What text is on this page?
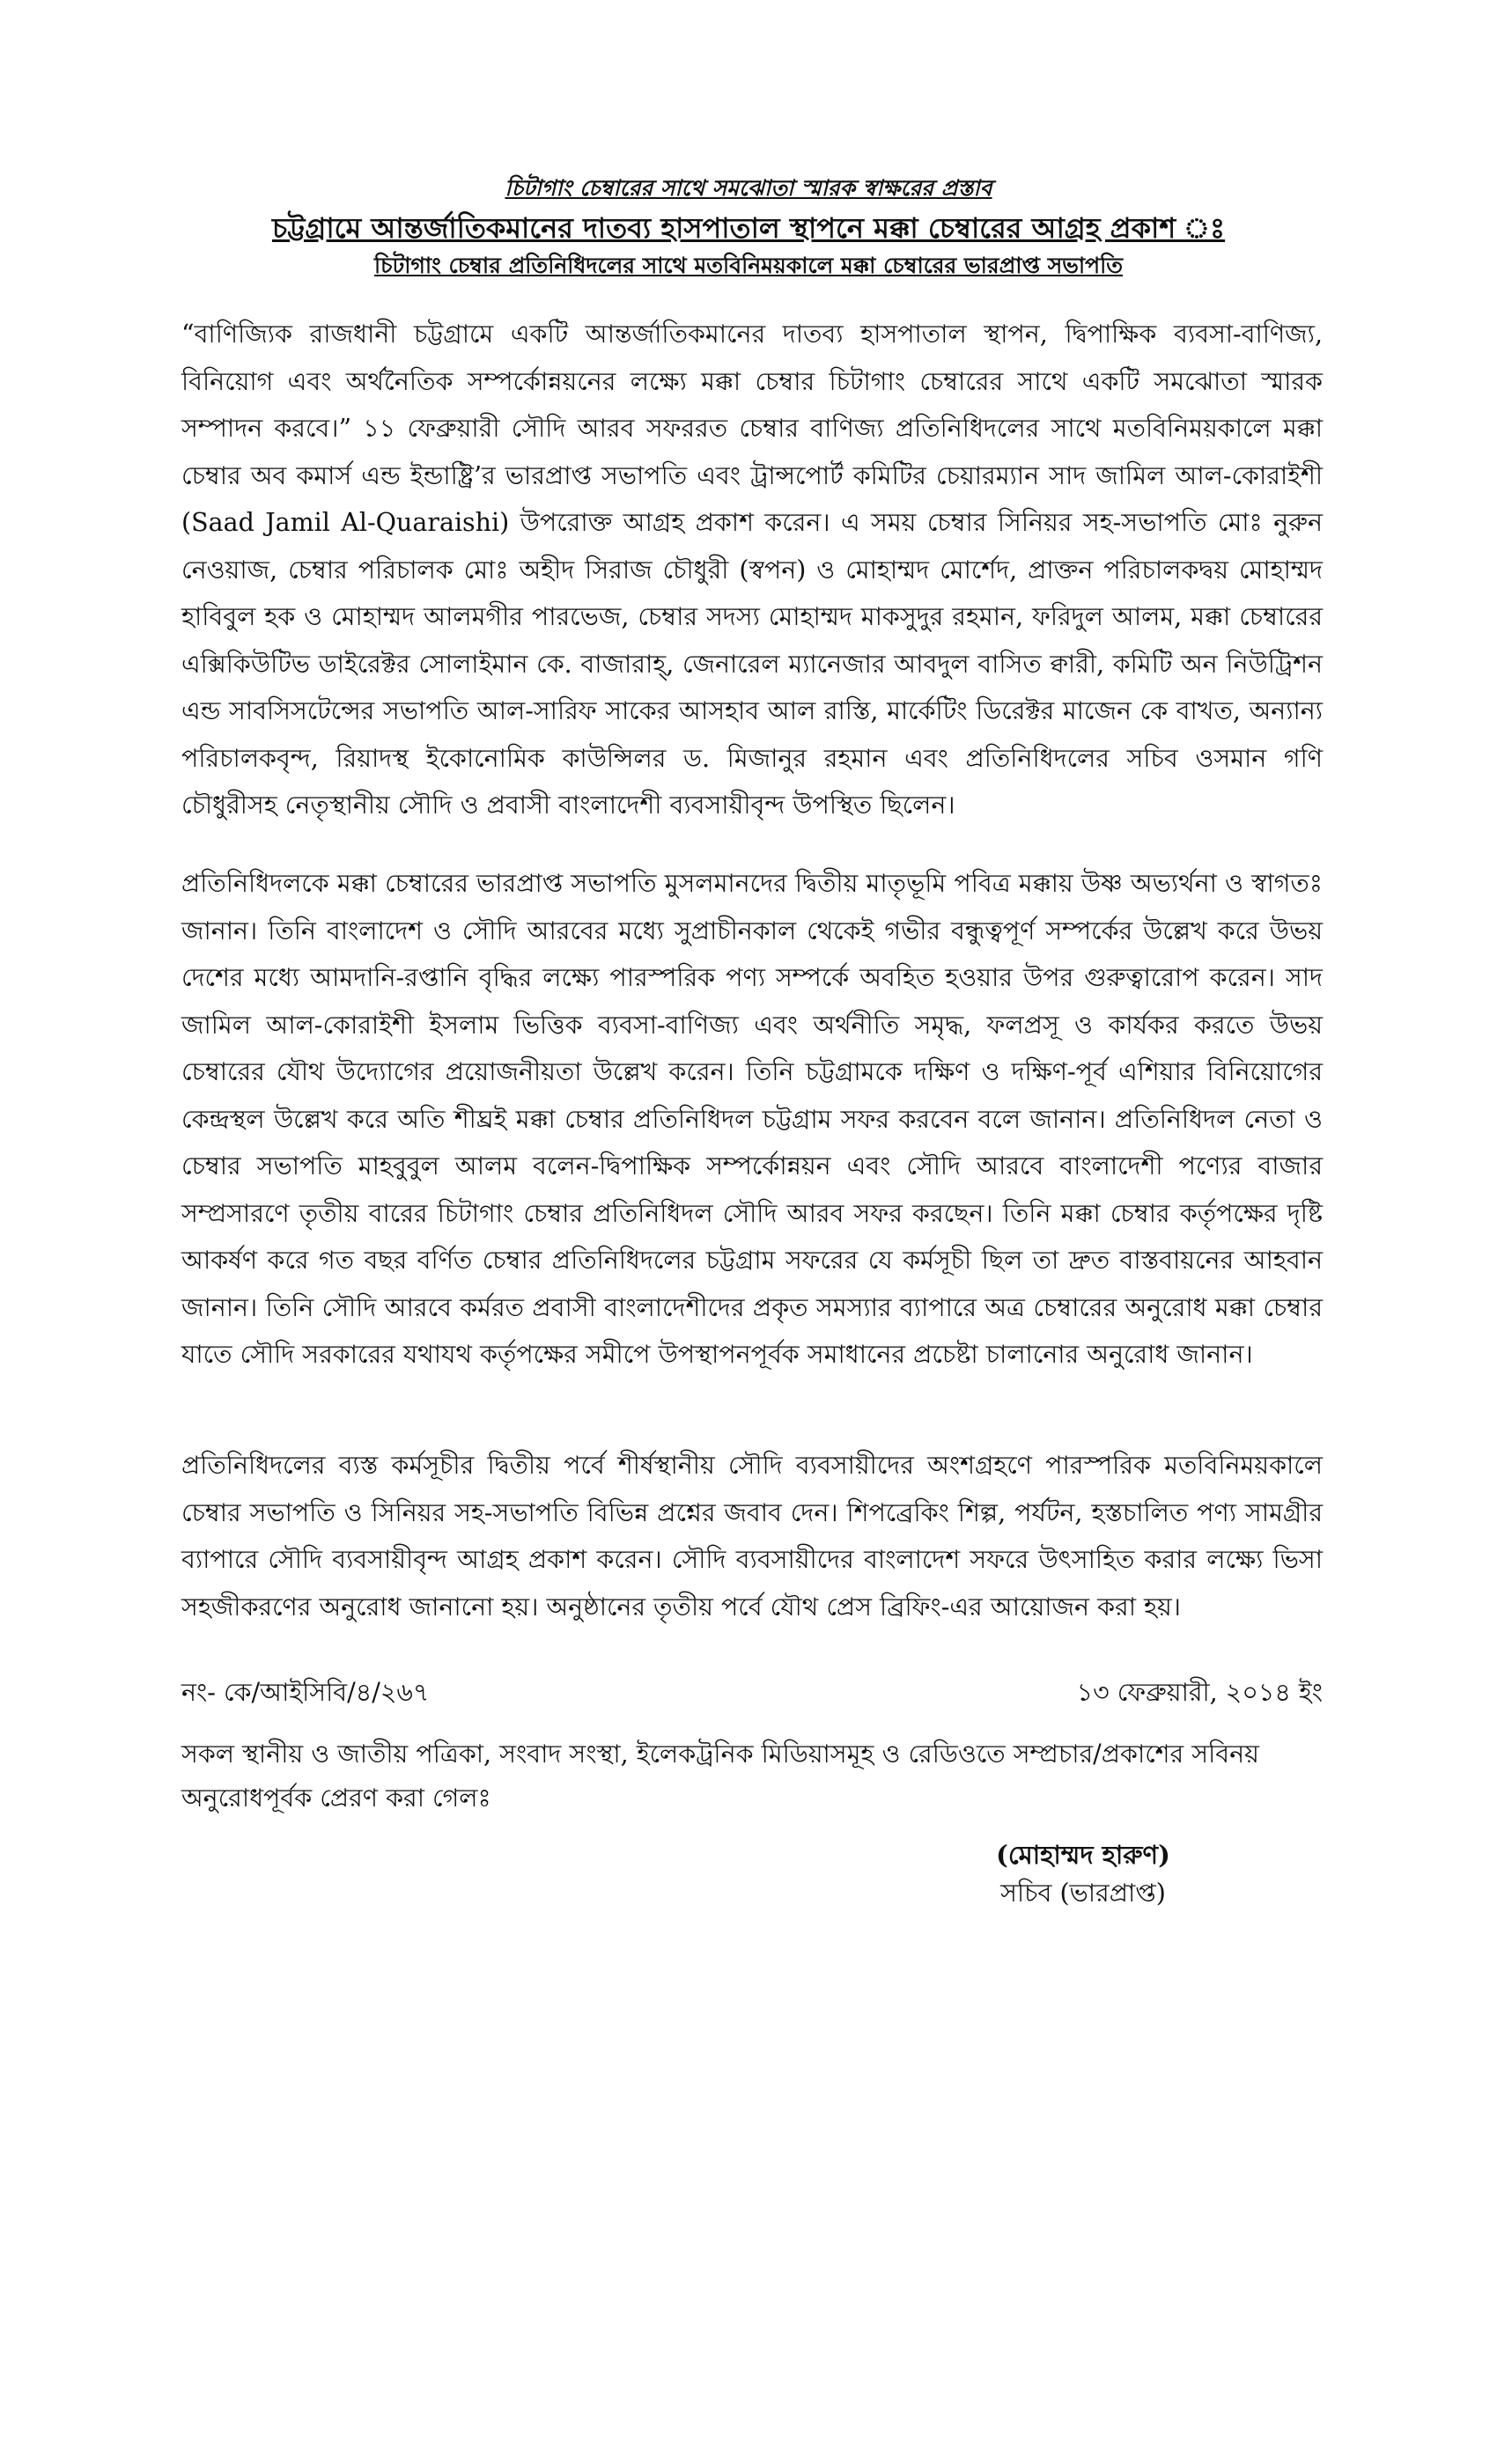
চিটাগাং চেম্বারের সাথে সমঝোতা স্মারক স্বাক্ষরের প্রস্তাব
চট্টগ্রামে আন্তর্জাতিকমানের দাতব্য হাসপাতাল স্থাপনে মক্কা চেম্বারের আগ্রহ প্রকাশ ঃ
চিটাগাং চেম্বার প্রতিনিধিদলের সাথে মতবিনিময়কালে মক্কা চেম্বারের ভারপ্রাপ্ত সভাপতি

“বাণিজ্যিক রাজধানী চট্টগ্রামে একটি আন্তর্জাতিকমানের দাতব্য হাসপাতাল স্থাপন, দ্বিপাক্ষিক ব্যবসা-বাণিজ্য, বিনিয়োগ এবং অর্থনৈতিক সম্পর্কোন্নয়নের লক্ষ্যে মক্কা চেম্বার চিটাগাং চেম্বারের সাথে একটি সমঝোতা স্মারক সম্পাদন করবে।” ১১ ফেব্রুয়ারী সৌদি আরব সফররত চেম্বার বাণিজ্য প্রতিনিধিদলের সাথে মতবিনিময়কালে মক্কা চেম্বার অব কমার্স এন্ড ইন্ডাষ্ট্রি’র ভারপ্রাপ্ত সভাপতি এবং ট্রান্সপোর্ট কমিটির চেয়ারম্যান সাদ জামিল আল-কোরাইশী (Saad Jamil Al-Quaraishi) উপরোক্ত আগ্রহ প্রকাশ করেন। এ সময় চেম্বার সিনিয়র সহ-সভাপতি মোঃ নুরুন নেওয়াজ, চেম্বার পরিচালক মোঃ অহীদ সিরাজ চৌধুরী (স্বপন) ও মোহাম্মদ মোর্শেদ, প্রাক্তন পরিচালকদ্বয় মোহাম্মদ হাবিবুল হক ও মোহাম্মদ আলমগীর পারভেজ, চেম্বার সদস্য মোহাম্মদ মাকসুদুর রহমান, ফরিদুল আলম, মক্কা চেম্বারের এক্সিকিউটিভ ডাইরেক্টর সোলাইমান কে. বাজারাহ্‌, জেনারেল ম্যানেজার আবদুল বাসিত ক্বারী, কমিটি অন নিউট্রিশন এন্ড সাবসিসটেন্সের সভাপতি আল-সারিফ সাকের আসহাব আল রাস্তি, মার্কেটিং ডিরেক্টর মাজেন কে বাখত, অন্যান্য পরিচালকবৃন্দ, রিয়াদস্থ ইকোনোমিক কাউন্সিলর ড. মিজানুর রহমান এবং প্রতিনিধিদলের সচিব ওসমান গণি চৌধুরীসহ নেতৃস্থানীয় সৌদি ও প্রবাসী বাংলাদেশী ব্যবসায়ীবৃন্দ উপস্থিত ছিলেন।

প্রতিনিধিদলকে মক্কা চেম্বারের ভারপ্রাপ্ত সভাপতি মুসলমানদের দ্বিতীয় মাতৃভূমি পবিত্র মক্কায় উষ্ণ অভ্যর্থনা ও স্বাগতঃ জানান। তিনি বাংলাদেশ ও সৌদি আরবের মধ্যে সুপ্রাচীনকাল থেকেই গভীর বন্ধুত্বপূর্ণ সম্পর্কের উল্লেখ করে উভয় দেশের মধ্যে আমদানি-রপ্তানি বৃদ্ধির লক্ষ্যে পারস্পরিক পণ্য সম্পর্কে অবহিত হওয়ার উপর গুরুত্বারোপ করেন। সাদ জামিল আল-কোরাইশী ইসলাম ভিত্তিক ব্যবসা-বাণিজ্য এবং অর্থনীতি সমৃদ্ধ, ফলপ্রসূ ও কার্যকর করতে উভয় চেম্বারের যৌথ উদ্যোগের প্রয়োজনীয়তা উল্লেখ করেন। তিনি চট্টগ্রামকে দক্ষিণ ও দক্ষিণ-পূর্ব এশিয়ার বিনিয়োগের কেন্দ্রস্থল উল্লেখ করে অতি শীঘ্রই মক্কা চেম্বার প্রতিনিধিদল চট্টগ্রাম সফর করবেন বলে জানান। প্রতিনিধিদল নেতা ও চেম্বার সভাপতি মাহবুবুল আলম বলেন-দ্বিপাক্ষিক সম্পর্কোন্নয়ন এবং সৌদি আরবে বাংলাদেশী পণ্যের বাজার সম্প্রসারণে তৃতীয় বারের চিটাগাং চেম্বার প্রতিনিধিদল সৌদি আরব সফর করছেন। তিনি মক্কা চেম্বার কর্তৃপক্ষের দৃষ্টি আকর্ষণ করে গত বছর বর্ণিত চেম্বার প্রতিনিধিদলের চট্টগ্রাম সফরের যে কর্মসূচী ছিল তা দ্রুত বাস্তবায়নের আহবান জানান। তিনি সৌদি আরবে কর্মরত প্রবাসী বাংলাদেশীদের প্রকৃত সমস্যার ব্যাপারে অত্র চেম্বারের অনুরোধ মক্কা চেম্বার যাতে সৌদি সরকারের যথাযথ কর্তৃপক্ষের সমীপে উপস্থাপনপূর্বক সমাধানের প্রচেষ্টা চালানোর অনুরোধ জানান।

প্রতিনিধিদলের ব্যস্ত কর্মসূচীর দ্বিতীয় পর্বে শীর্ষস্থানীয় সৌদি ব্যবসায়ীদের অংশগ্রহণে পারস্পরিক মতবিনিময়কালে চেম্বার সভাপতি ও সিনিয়র সহ-সভাপতি বিভিন্ন প্রশ্নের জবাব দেন। শিপব্রেকিং শিল্প, পর্যটন, হস্তচালিত পণ্য সামগ্রীর ব্যাপারে সৌদি ব্যবসায়ীবৃন্দ আগ্রহ প্রকাশ করেন। সৌদি ব্যবসায়ীদের বাংলাদেশ সফরে উৎসাহিত করার লক্ষ্যে ভিসা সহজীকরণের অনুরোধ জানানো হয়। অনুষ্ঠানের তৃতীয় পর্বে যৌথ প্রেস ব্রিফিং-এর আয়োজন করা হয়।

নং- কে/আইসিবি/৪/২৬৭	১৩ ফেব্রুয়ারী, ২০১৪ ইং

সকল স্থানীয় ও জাতীয় পত্রিকা, সংবাদ সংস্থা, ইলেকট্রনিক মিডিয়াসমূহ ও রেডিওতে সম্প্রচার/প্রকাশের সবিনয় অনুরোধপূর্বক প্রেরণ করা গেলঃ

(মোহাম্মদ হারুণ)
সচিব (ভারপ্রাপ্ত)
